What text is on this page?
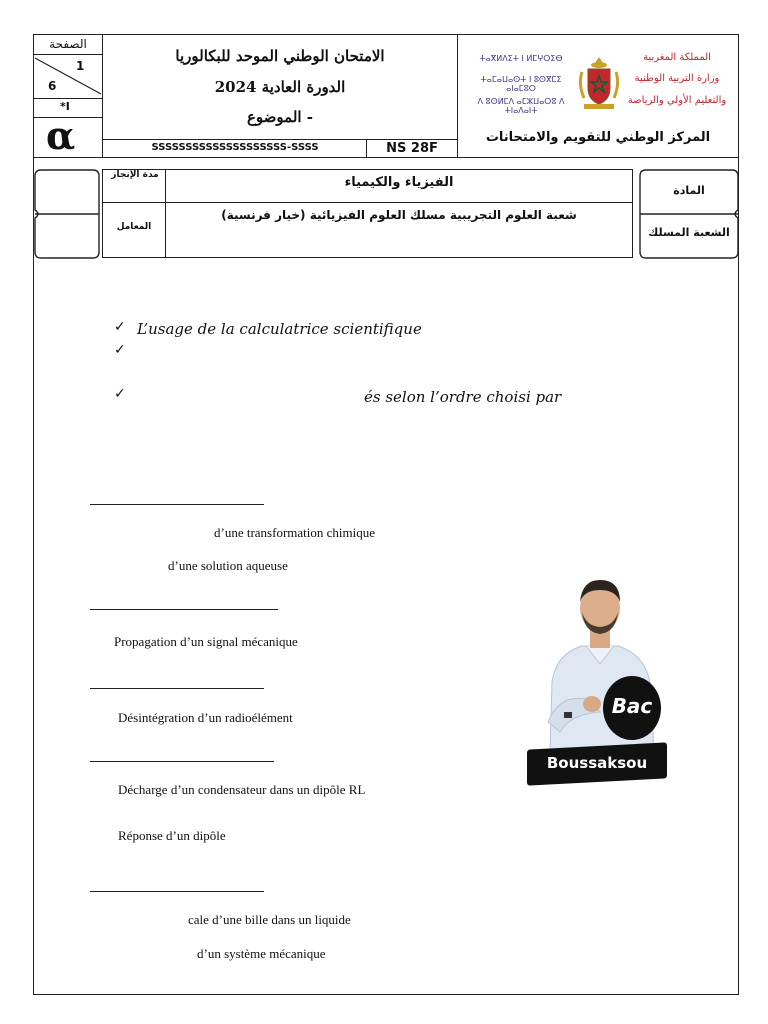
الصفحة
1
6
*I
α
الامتحان الوطني الموحد للبكالوريا
الدورة العادية 2024
- الموضوع
SSSSSSSSSSSSSSSSSSSS-SSSS	NS 28F
ⵜⴰⴳⵍⴷⵉⵜ ⵏ ⵍⵎⵖⵔⵉⴱ
ⵜⴰⵎⴰⵡⴰⵙⵜ ⵏ ⵓⵙⴳⵎⵉ ⴰⵏⴰⵎⵓⵔ
ⴷ ⵓⵙⵍⵎⴷ ⴰⵎⵣⵡⴰⵔⵓ ⴷ ⵜⵏⴰⴷⴰⵏⵜ
المملكة المغربية
وزارة التربية الوطنية
والتعليم الأولي والرياضة
المركز الوطني للتقويم والامتحانات
المادة
الشعبة المسلك
مدة الإنجاز
المعامل
الفيزياء والكيمياء
شعبة العلوم التجريبية مسلك العلوم الفيزيائية (خيار فرنسية)
✓ L’usage de la calculatrice scientifique
✓
✓	és selon l’ordre choisi par
d’une transformation chimique
d’une solution aqueuse
Propagation d’un signal mécanique
Désintégration d’un radioélément
Décharge d’un condensateur dans un dipôle RL
Réponse d’un dipôle
cale d’une bille dans un liquide
d’un système mécanique
Bac
Boussaksou
